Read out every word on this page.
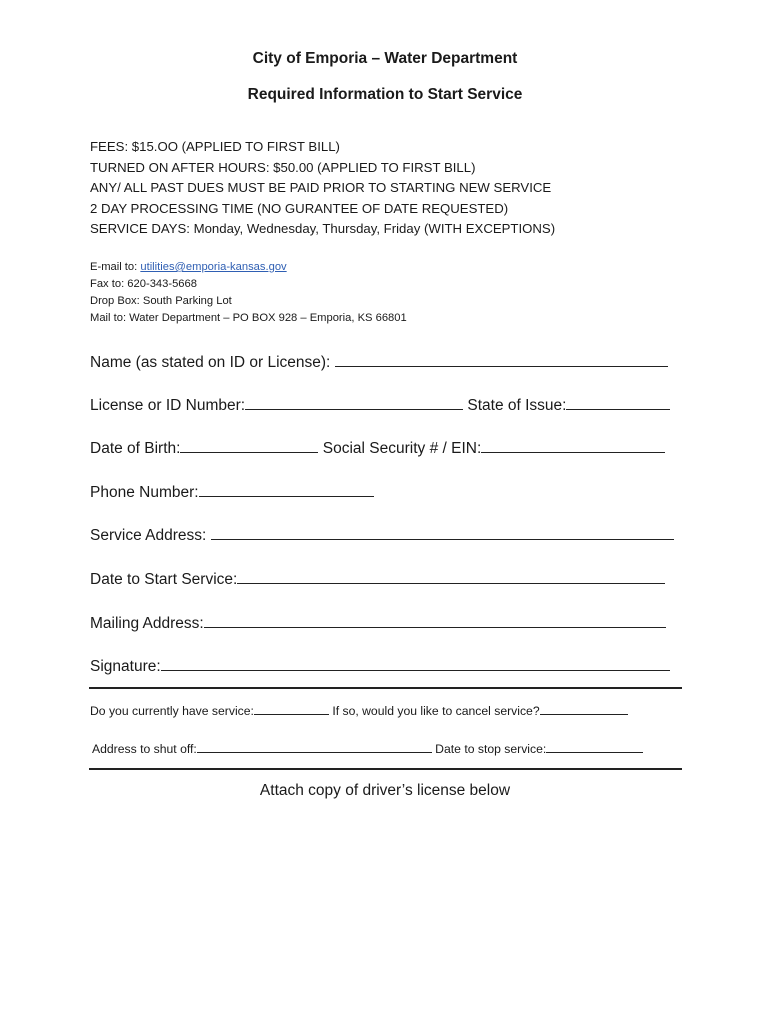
City of Emporia – Water Department
Required Information to Start Service
FEES: $15.OO (APPLIED TO FIRST BILL)
TURNED ON AFTER HOURS: $50.00 (APPLIED TO FIRST BILL)
ANY/ ALL PAST DUES MUST BE PAID PRIOR TO STARTING NEW SERVICE
2 DAY PROCESSING TIME (NO GURANTEE OF DATE REQUESTED)
SERVICE DAYS: Monday, Wednesday, Thursday, Friday (WITH EXCEPTIONS)
E-mail to: utilities@emporia-kansas.gov
Fax to: 620-343-5668
Drop Box: South Parking Lot
Mail to: Water Department – PO BOX 928 – Emporia, KS 66801
Name (as stated on ID or License):
License or ID Number:	State of Issue:
Date of Birth:	Social Security # / EIN:
Phone Number:
Service Address:
Date to Start Service:
Mailing Address:
Signature:
Do you currently have service:	If so, would you like to cancel service?
Address to shut off:	Date to stop service:
Attach copy of driver’s license below
